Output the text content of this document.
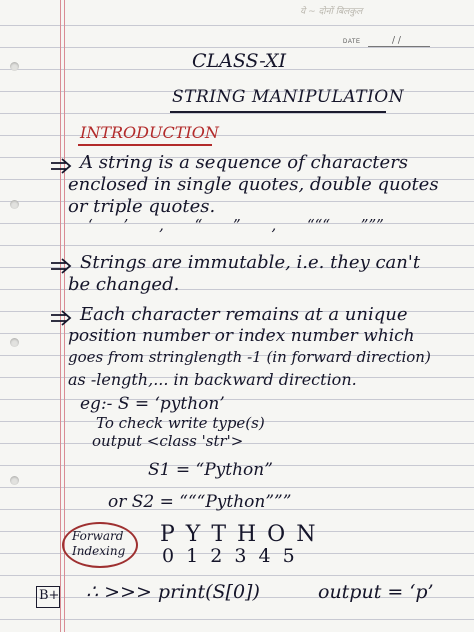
ये ~ दोनों बिलकुल
DATE	/ /
CLASS-XI
STRING MANIPULATION
INTRODUCTION
A string is a sequence of characters
enclosed in single quotes, double quotes
or triple quotes.
‘ ’ , “ ” , “““ ”””
Strings are immutable, i.e. they can't
be changed.
Each character remains at a unique
position number or index number which
goes from stringlength -1 (in forward direction)
as -length,... in backward direction.
eg:- S = ‘python’
To check write type(s)
output <class 'str'>
S1 = “Python”
or S2 = “““Python”””
Forward
Indexing
P Y T H O N
0 1 2 3 4 5
B+ ∴ >>> print(S[0])	output = ‘p’
